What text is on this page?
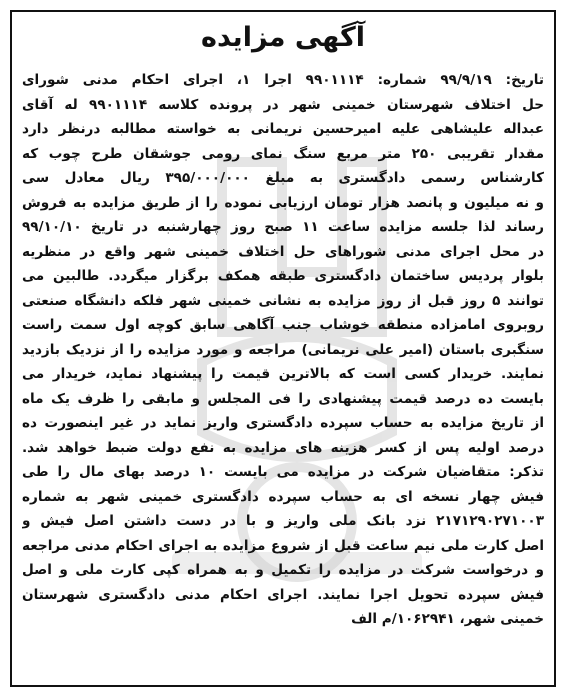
آگهی مزایده
تاریخ: ۹۹/۹/۱۹ شماره: ۹۹۰۱۱۱۴ اجرا ۱، اجرای احکام مدنی شورای
حل اختلاف شهرستان خمینی شهر در پرونده کلاسه ۹۹۰۱۱۱۴ له آقای
عبداله علیشاهی علیه امیرحسین نریمانی به خواسته مطالبه درنظر دارد
مقدار تقریبی ۲۵۰ متر مربع سنگ نمای رومی جوشقان طرح چوب که
کارشناس رسمی دادگستری به مبلغ ۳۹۵/۰۰۰/۰۰۰ ریال معادل سی
و نه میلیون و پانصد هزار تومان ارزیابی نموده را از طریق مزایده به فروش
رساند لذا جلسه مزایده ساعت ۱۱ صبح روز چهارشنبه در تاریخ ۹۹/۱۰/۱۰
در محل اجرای مدنی شوراهای حل اختلاف خمینی شهر واقع در منظریه
بلوار پردیس ساختمان دادگستری طبقه همکف برگزار میگردد. طالبین می
توانند ۵ روز قبل از روز مزایده به نشانی خمینی شهر فلکه دانشگاه صنعتی
روبروی امامزاده منطقه خوشاب جنب آگاهی سابق کوچه اول سمت راست
سنگبری باستان (امیر علی نریمانی) مراجعه و مورد مزایده را از نزدیک بازدید
نمایند. خریدار کسی است که بالاترین قیمت را پیشنهاد نماید، خریدار می
بایست ده درصد قیمت پیشنهادی را فی المجلس و مابقی را ظرف یک ماه
از تاریخ مزایده به حساب سپرده دادگستری واریز نماید در غیر اینصورت ده
درصد اولیه پس از کسر هزینه های مزایده به نفع دولت ضبط خواهد شد.
تذکر: متقاضیان شرکت در مزایده می بایست ۱۰ درصد بهای مال را طی
فیش چهار نسخه ای به حساب سپرده دادگستری خمینی شهر به شماره
۲۱۷۱۲۹۰۲۷۱۰۰۳ نزد بانک ملی واریز و با در دست داشتن اصل فیش و
اصل کارت ملی نیم ساعت قبل از شروع مزایده به اجرای احکام مدنی مراجعه
و درخواست شرکت در مزایده را تکمیل و به همراه کپی کارت ملی و اصل
فیش سپرده تحویل اجرا نمایند. اجرای احکام مدنی دادگستری شهرستان
خمینی شهر، ۱۰۶۲۹۴۱/م الف
